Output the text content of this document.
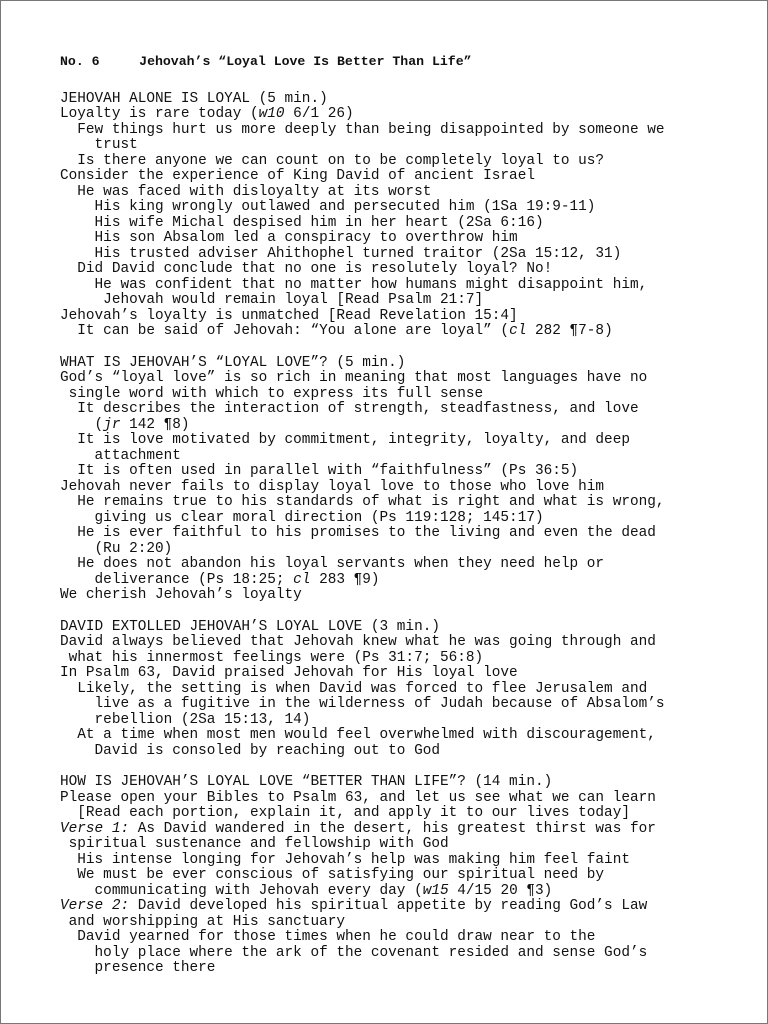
No. 6	Jehovah’s “Loyal Love Is Better Than Life”
JEHOVAH ALONE IS LOYAL (5 min.)
Loyalty is rare today (w10 6/1 26)
Few things hurt us more deeply than being disappointed by someone we
trust
Is there anyone we can count on to be completely loyal to us?
Consider the experience of King David of ancient Israel
He was faced with disloyalty at its worst
His king wrongly outlawed and persecuted him (1Sa 19:9-11)
His wife Michal despised him in her heart (2Sa 6:16)
His son Absalom led a conspiracy to overthrow him
His trusted adviser Ahithophel turned traitor (2Sa 15:12, 31)
Did David conclude that no one is resolutely loyal? No!
He was confident that no matter how humans might disappoint him,
Jehovah would remain loyal [Read Psalm 21:7]
Jehovah’s loyalty is unmatched [Read Revelation 15:4]
It can be said of Jehovah: “You alone are loyal” (cl 282 ¶7-8)
WHAT IS JEHOVAH’S “LOYAL LOVE”? (5 min.)
God’s “loyal love” is so rich in meaning that most languages have no
single word with which to express its full sense
It describes the interaction of strength, steadfastness, and love
(jr 142 ¶8)
It is love motivated by commitment, integrity, loyalty, and deep
attachment
It is often used in parallel with “faithfulness” (Ps 36:5)
Jehovah never fails to display loyal love to those who love him
He remains true to his standards of what is right and what is wrong,
giving us clear moral direction (Ps 119:128; 145:17)
He is ever faithful to his promises to the living and even the dead
(Ru 2:20)
He does not abandon his loyal servants when they need help or
deliverance (Ps 18:25; cl 283 ¶9)
We cherish Jehovah’s loyalty
DAVID EXTOLLED JEHOVAH’S LOYAL LOVE (3 min.)
David always believed that Jehovah knew what he was going through and
what his innermost feelings were (Ps 31:7; 56:8)
In Psalm 63, David praised Jehovah for His loyal love
Likely, the setting is when David was forced to flee Jerusalem and
live as a fugitive in the wilderness of Judah because of Absalom’s
rebellion (2Sa 15:13, 14)
At a time when most men would feel overwhelmed with discouragement,
David is consoled by reaching out to God
HOW IS JEHOVAH’S LOYAL LOVE “BETTER THAN LIFE”? (14 min.)
Please open your Bibles to Psalm 63, and let us see what we can learn
[Read each portion, explain it, and apply it to our lives today]
Verse 1: As David wandered in the desert, his greatest thirst was for
spiritual sustenance and fellowship with God
His intense longing for Jehovah’s help was making him feel faint
We must be ever conscious of satisfying our spiritual need by
communicating with Jehovah every day (w15 4/15 20 ¶3)
Verse 2: David developed his spiritual appetite by reading God’s Law
and worshipping at His sanctuary
David yearned for those times when he could draw near to the
holy place where the ark of the covenant resided and sense God’s
presence there
